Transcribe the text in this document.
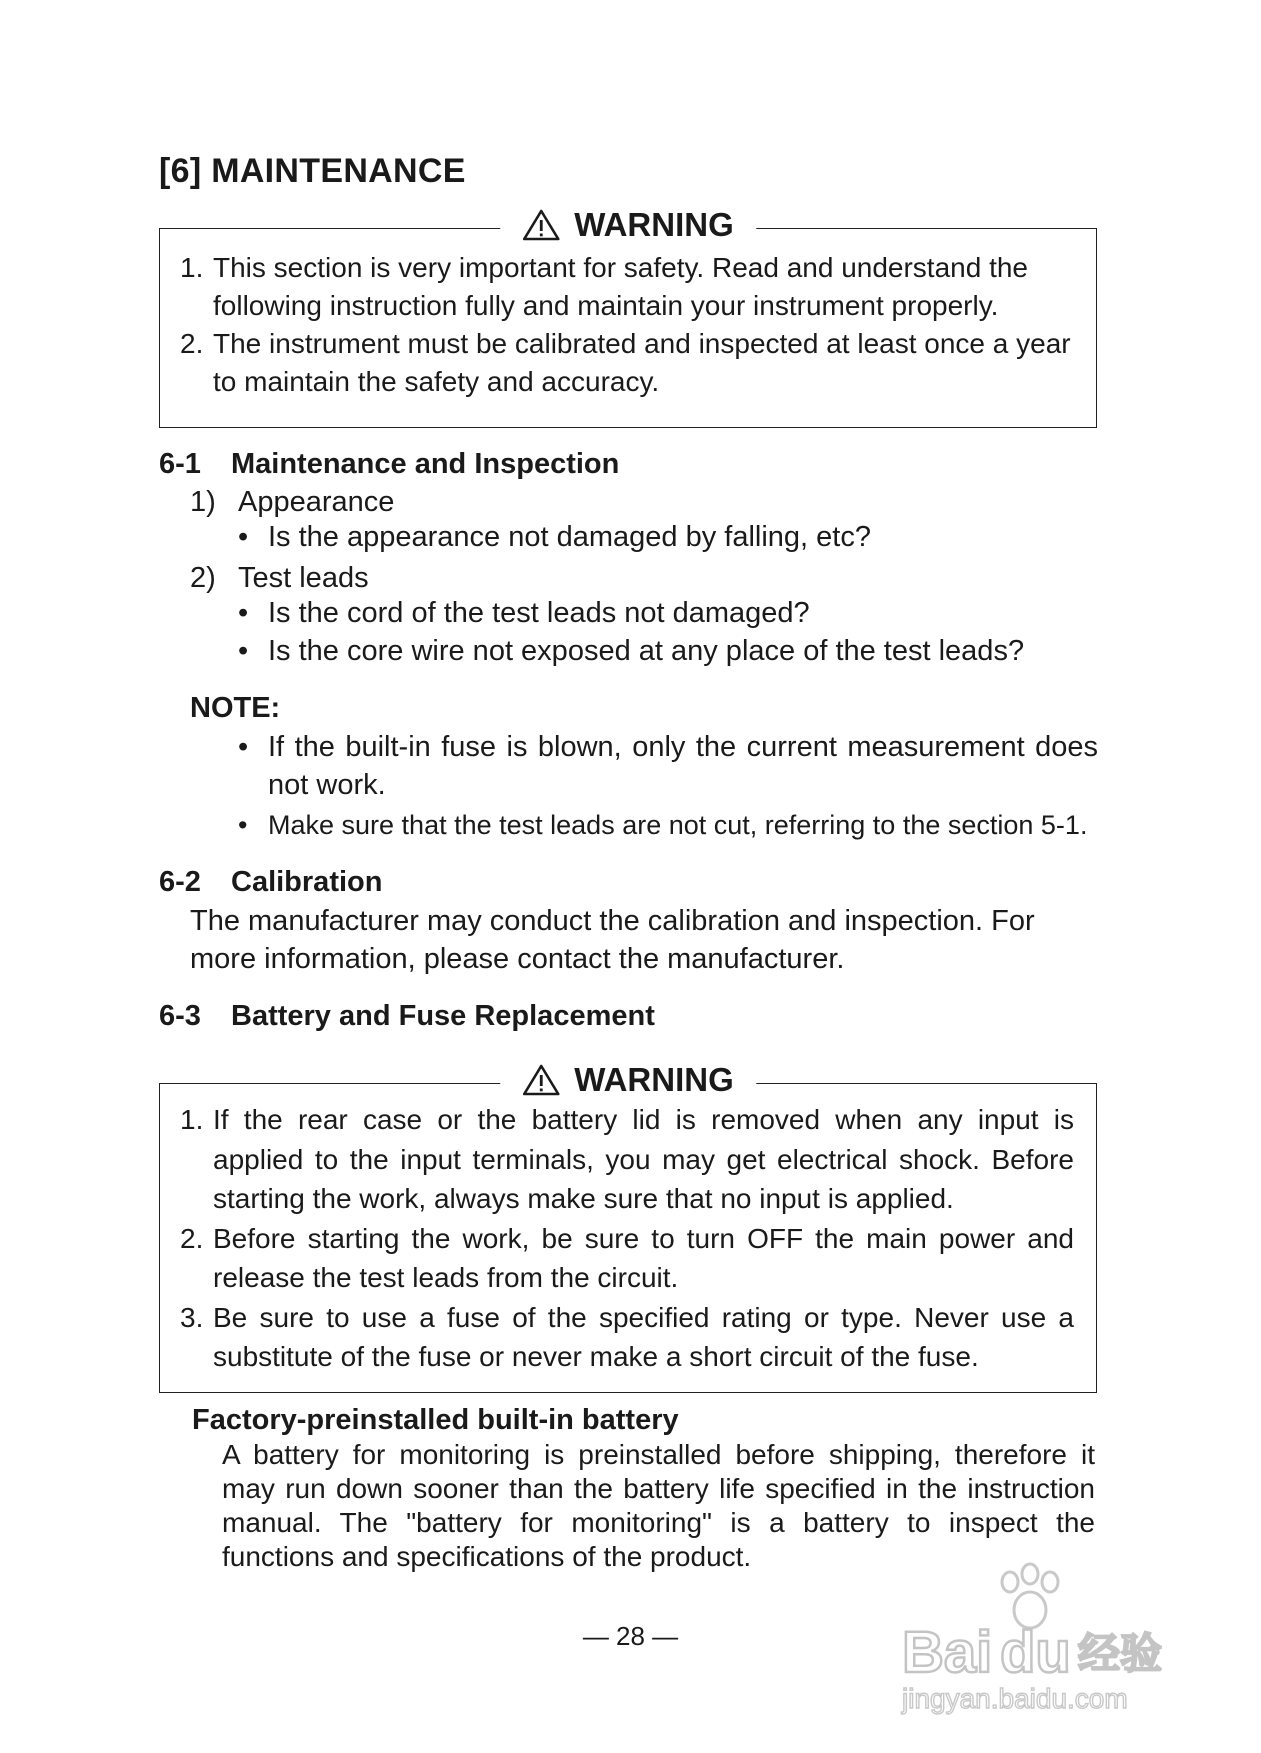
[6] MAINTENANCE
WARNING
1. This section is very important for safety. Read and understand the following instruction fully and maintain your instrument properly.
2. The instrument must be calibrated and inspected at least once a year to maintain the safety and accuracy.
6-1 Maintenance and Inspection
1) Appearance
• Is the appearance not damaged by falling, etc?
2) Test leads
• Is the cord of the test leads not damaged?
• Is the core wire not exposed at any place of the test leads?
NOTE:
• If the built-in fuse is blown, only the current measurement does not work.
• Make sure that the test leads are not cut, referring to the section 5-1.
6-2 Calibration
The manufacturer may conduct the calibration and inspection. For more information, please contact the manufacturer.
6-3 Battery and Fuse Replacement
WARNING
1. If the rear case or the battery lid is removed when any input is applied to the input terminals, you may get electrical shock. Before starting the work, always make sure that no input is applied.
2. Before starting the work, be sure to turn OFF the main power and release the test leads from the circuit.
3. Be sure to use a fuse of the specified rating or type. Never use a substitute of the fuse or never make a short circuit of the fuse.
Factory-preinstalled built-in battery
A battery for monitoring is preinstalled before shipping, therefore it may run down sooner than the battery life specified in the instruction manual. The "battery for monitoring" is a battery to inspect the functions and specifications of the product.
— 28 —	Bai du 经验
jingyan.baidu.com
